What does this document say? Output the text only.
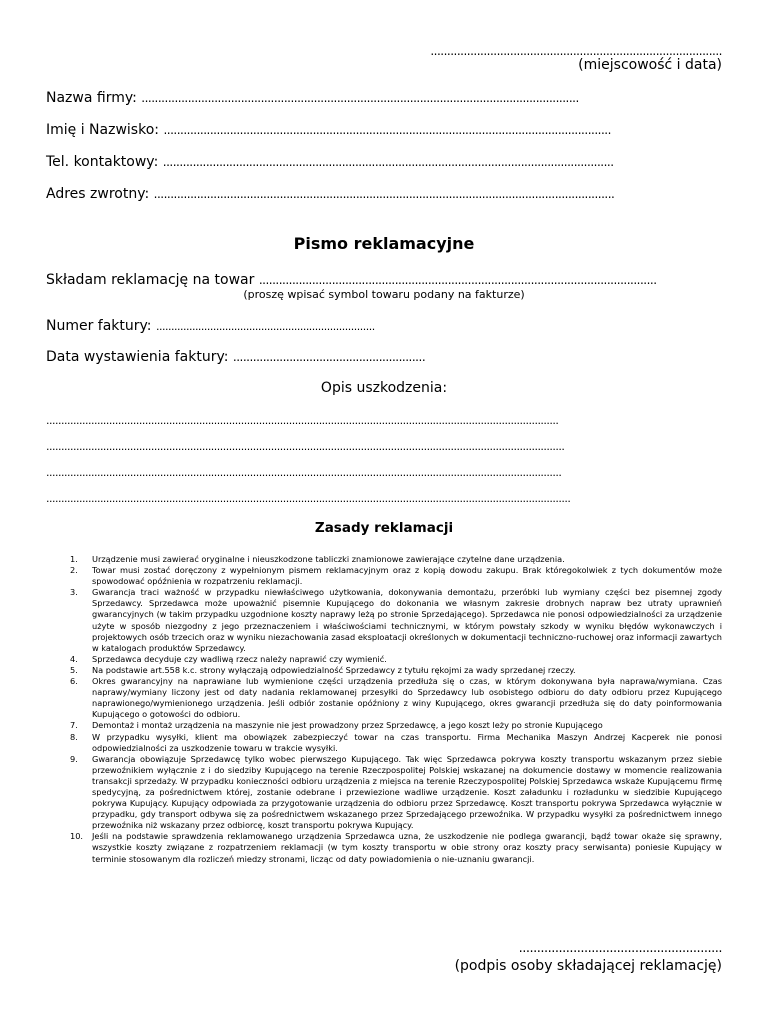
........................................................................................
(miejscowość i data)
Nazwa firmy: ....................................................................................................................................
Imię i Nazwisko: .......................................................................................................................................
Tel. kontaktowy: ........................................................................................................................................
Adres zwrotny: ...........................................................................................................................................
Pismo reklamacyjne
Składam reklamację na towar ........................................................................................................................
(proszę wpisać symbol towaru podany na fakturze)
Numer faktury: .........................................................................
Data wystawienia faktury: ..........................................................
Opis uszkodzenia:
...........................................................................................................................................................................
.............................................................................................................................................................................
............................................................................................................................................................................
...............................................................................................................................................................................
Zasady reklamacji
1. Urządzenie musi zawierać oryginalne i nieuszkodzone tabliczki znamionowe zawierające czytelne dane urządzenia.
2. Towar musi zostać doręczony z wypełnionym pismem reklamacyjnym oraz z kopią dowodu zakupu. Brak któregokolwiek z tych dokumentów może spowodować opóźnienia w rozpatrzeniu reklamacji.
3. Gwarancja traci ważność w przypadku niewłaściwego użytkowania, dokonywania demontażu, przeróbki lub wymiany części bez pisemnej zgody Sprzedawcy. Sprzedawca może upoważnić pisemnie Kupującego do dokonania we własnym zakresie drobnych napraw bez utraty uprawnień gwarancyjnych (w takim przypadku uzgodnione koszty naprawy leżą po stronie Sprzedającego). Sprzedawca nie ponosi odpowiedzialności za urządzenie użyte w sposób niezgodny z jego przeznaczeniem i właściwościami technicznymi, w którym powstały szkody w wyniku błędów wykonawczych i projektowych osób trzecich oraz w wyniku niezachowania zasad eksploatacji określonych w dokumentacji techniczno-ruchowej oraz informacji zawartych w katalogach produktów Sprzedawcy.
4. Sprzedawca decyduje czy wadliwą rzecz należy naprawić czy wymienić.
5. Na podstawie art.558 k.c. strony wyłączają odpowiedzialność Sprzedawcy z tytułu rękojmi za wady sprzedanej rzeczy.
6. Okres gwarancyjny na naprawiane lub wymienione części urządzenia przedłuża się o czas, w którym dokonywana była naprawa/wymiana. Czas naprawy/wymiany liczony jest od daty nadania reklamowanej przesyłki do Sprzedawcy lub osobistego odbioru do daty odbioru przez Kupującego naprawionego/wymienionego urządzenia. Jeśli odbiór zostanie opóźniony z winy Kupującego, okres gwarancji przedłuża się do daty poinformowania Kupującego o gotowości do odbioru.
7. Demontaż i montaż urządzenia na maszynie nie jest prowadzony przez Sprzedawcę, a jego koszt leży po stronie Kupującego
8. W przypadku wysyłki, klient ma obowiązek zabezpieczyć towar na czas transportu. Firma Mechanika Maszyn Andrzej Kacperek nie ponosi odpowiedzialności za uszkodzenie towaru w trakcie wysyłki.
9. Gwarancja obowiązuje Sprzedawcę tylko wobec pierwszego Kupującego. Tak więc Sprzedawca pokrywa koszty transportu wskazanym przez siebie przewoźnikiem wyłącznie z i do siedziby Kupującego na terenie Rzeczpospolitej Polskiej wskazanej na dokumencie dostawy w momencie realizowania transakcji sprzedaży. W przypadku konieczności odbioru urządzenia z miejsca na terenie Rzeczypospolitej Polskiej Sprzedawca wskaże Kupującemu firmę spedycyjną, za pośrednictwem której, zostanie odebrane i przewiezione wadliwe urządzenie. Koszt załadunku i rozładunku w siedzibie Kupującego pokrywa Kupujący. Kupujący odpowiada za przygotowanie urządzenia do odbioru przez Sprzedawcę. Koszt transportu pokrywa Sprzedawca wyłącznie w przypadku, gdy transport odbywa się za pośrednictwem wskazanego przez Sprzedającego przewoźnika. W przypadku wysyłki za pośrednictwem innego przewoźnika niż wskazany przez odbiorcę, koszt transportu pokrywa Kupujący.
10. Jeśli na podstawie sprawdzenia reklamowanego urządzenia Sprzedawca uzna, że uszkodzenie nie podlega gwarancji, bądź towar okaże się sprawny, wszystkie koszty związane z rozpatrzeniem reklamacji (w tym koszty transportu w obie strony oraz koszty pracy serwisanta) poniesie Kupujący w terminie stosowanym dla rozliczeń miedzy stronami, licząc od daty powiadomienia o nie-uznaniu gwarancji.
........................................................
(podpis osoby składającej reklamację)
